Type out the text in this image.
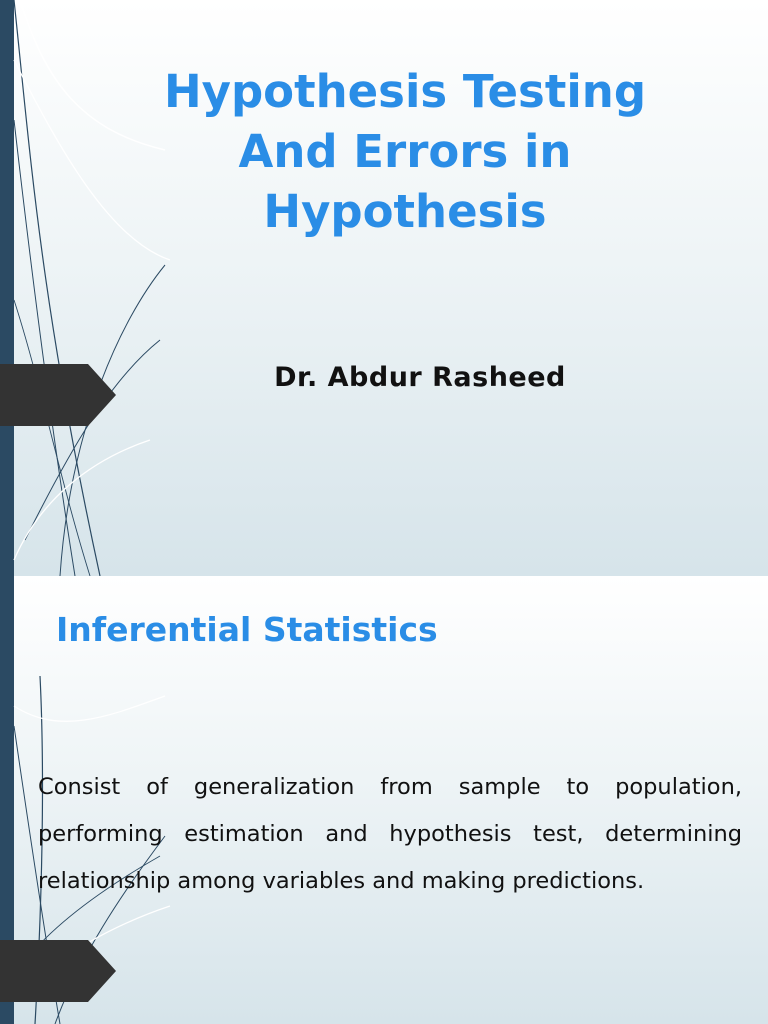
Hypothesis Testing
And Errors in
Hypothesis
Dr. Abdur Rasheed
Inferential Statistics
Consist of generalization from sample to population, performing estimation and hypothesis test, determining relationship among variables and making predictions.
